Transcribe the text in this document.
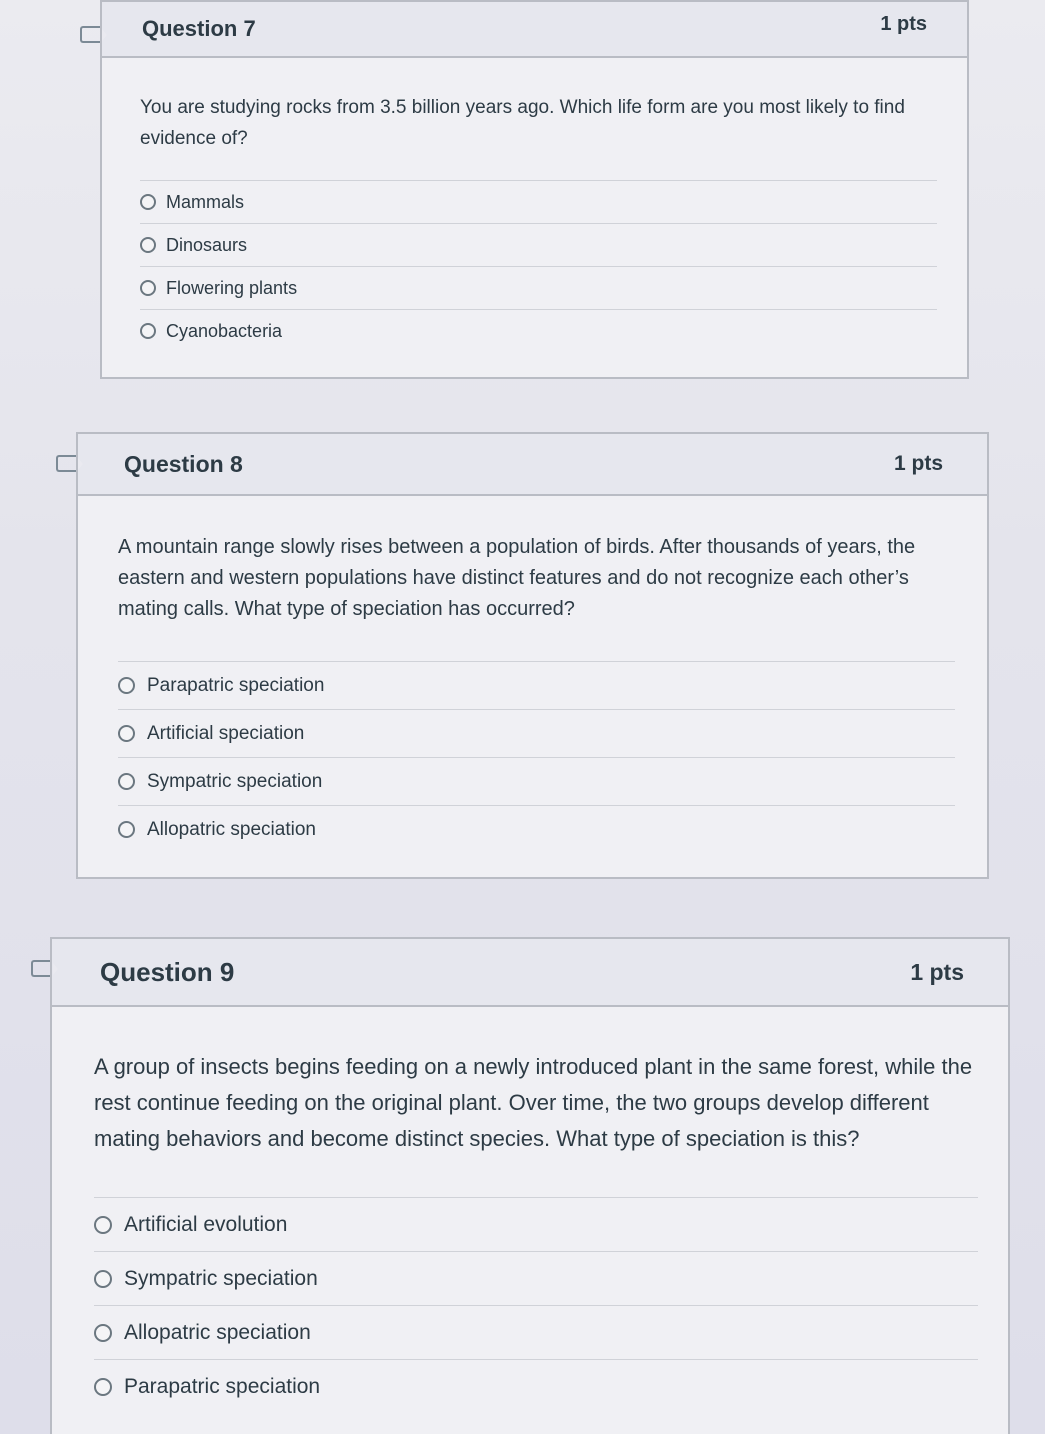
Question 7	1 pts

You are studying rocks from 3.5 billion years ago. Which life form are you most likely to find evidence of?

Mammals
Dinosaurs
Flowering plants
Cyanobacteria
Question 8	1 pts

A mountain range slowly rises between a population of birds. After thousands of years, the eastern and western populations have distinct features and do not recognize each other’s mating calls. What type of speciation has occurred?

Parapatric speciation
Artificial speciation
Sympatric speciation
Allopatric speciation
Question 9	1 pts

A group of insects begins feeding on a newly introduced plant in the same forest, while the rest continue feeding on the original plant. Over time, the two groups develop different mating behaviors and become distinct species. What type of speciation is this?

Artificial evolution
Sympatric speciation
Allopatric speciation
Parapatric speciation
